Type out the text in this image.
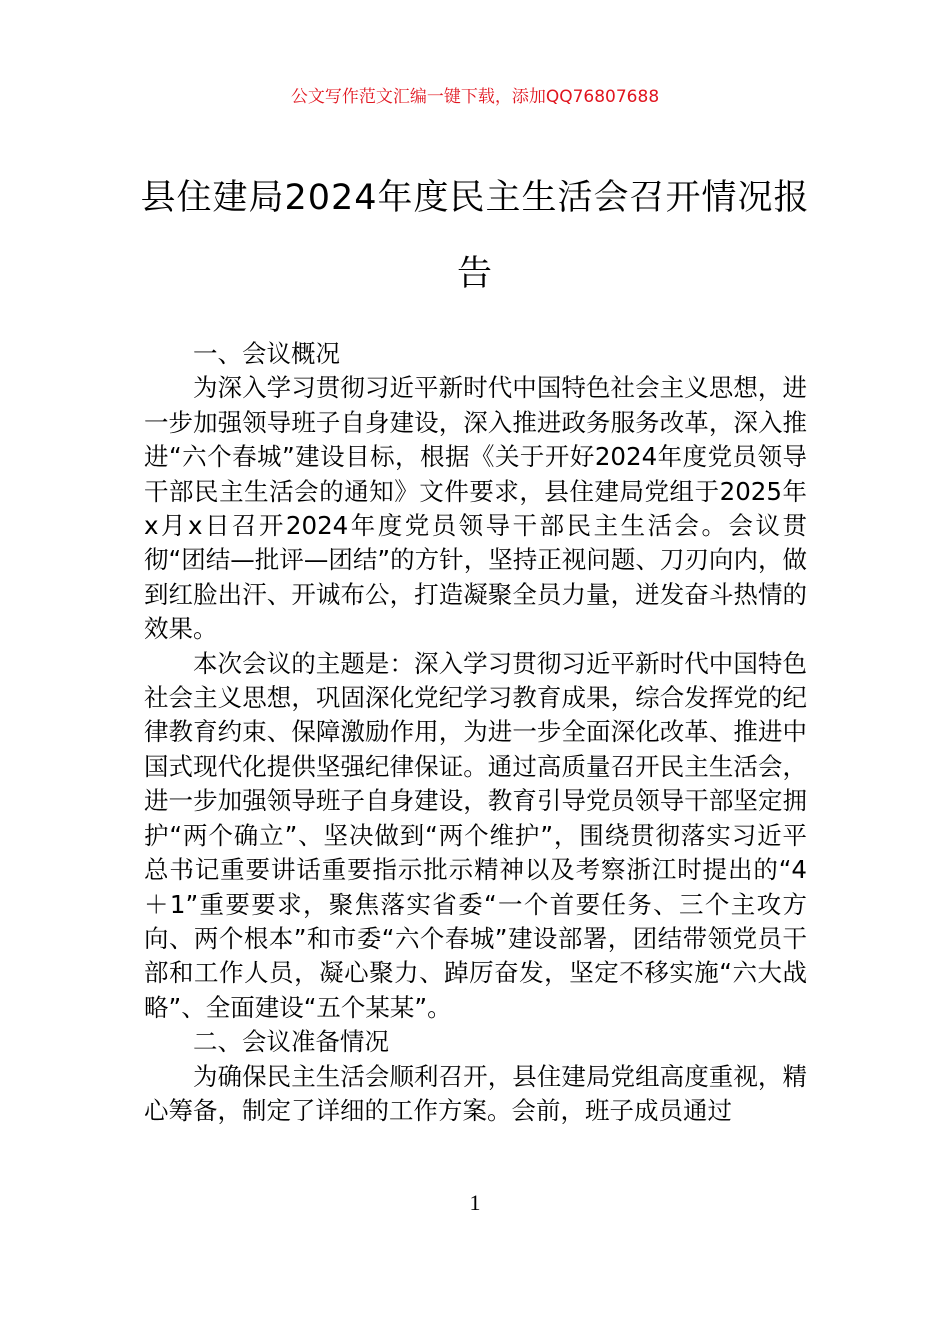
公文写作范文汇编一键下载，添加QQ76807688
县住建局2024年度民主生活会召开情况报告

一、会议概况

为深入学习贯彻习近平新时代中国特色社会主义思想，进一步加强领导班子自身建设，深入推进政务服务改革，深入推进“六个春城”建设目标，根据《关于开好2024年度党员领导干部民主生活会的通知》文件要求，县住建局党组于2025年x月x日召开2024年度党员领导干部民主生活会。会议贯彻“团结—批评—团结”的方针，坚持正视问题、刀刃向内，做到红脸出汗、开诚布公，打造凝聚全员力量，迸发奋斗热情的效果。

本次会议的主题是：深入学习贯彻习近平新时代中国特色社会主义思想，巩固深化党纪学习教育成果，综合发挥党的纪律教育约束、保障激励作用，为进一步全面深化改革、推进中国式现代化提供坚强纪律保证。通过高质量召开民主生活会，进一步加强领导班子自身建设，教育引导党员领导干部坚定拥护“两个确立”、坚决做到“两个维护”，围绕贯彻落实习近平总书记重要讲话重要指示批示精神以及考察浙江时提出的“4＋1”重要要求，聚焦落实省委“一个首要任务、三个主攻方向、两个根本”和市委“六个春城”建设部署，团结带领党员干部和工作人员，凝心聚力、踔厉奋发，坚定不移实施“六大战略”、全面建设“五个某某”。

二、会议准备情况

为确保民主生活会顺利召开，县住建局党组高度重视，精心筹备，制定了详细的工作方案。会前，班子成员通过

1
